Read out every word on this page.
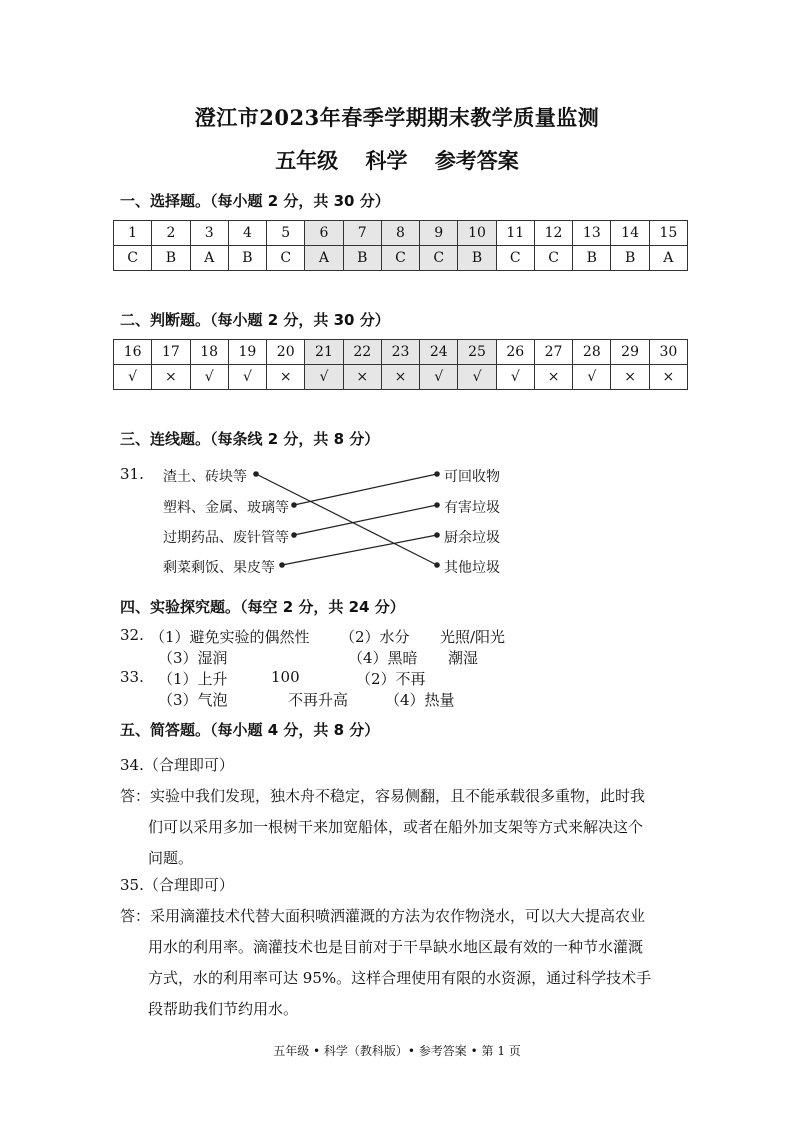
澄江市2023年春季学期期末教学质量监测
五年级 科学 参考答案
一、选择题。（每小题 2 分，共 30 分）
1	2	3	4	5	6	7	8	9	10	11	12	13	14	15
C	B	A	B	C	A	B	C	C	B	C	C	B	B	A
二、判断题。（每小题 2 分，共 30 分）
16	17	18	19	20	21	22	23	24	25	26	27	28	29	30
√	×	√	√	×	√	×	×	√	√	√	×	√	×	×
三、连线题。（每条线 2 分，共 8 分）
31. 渣土、砖块等
塑料、金属、玻璃等
过期药品、废针管等
剩菜剩饭、果皮等
可回收物
有害垃圾
厨余垃圾
其他垃圾
四、实验探究题。（每空 2 分，共 24 分）
32. （1）避免实验的偶然性 （2）水分 光照/阳光
（3）湿润	（4）黑暗 潮湿
33. （1）上升	100	（2）不再
（3）气泡	不再升高 （4）热量
五、简答题。（每小题 4 分，共 8 分）
34.（合理即可）
答：实验中我们发现，独木舟不稳定，容易侧翻，且不能承载很多重物，此时我
们可以采用多加一根树干来加宽船体，或者在船外加支架等方式来解决这个
问题。
35.（合理即可）
答：采用滴灌技术代替大面积喷洒灌溉的方法为农作物浇水，可以大大提高农业
用水的利用率。滴灌技术也是目前对于干旱缺水地区最有效的一种节水灌溉
方式，水的利用率可达 95%。这样合理使用有限的水资源，通过科学技术手
段帮助我们节约用水。
五年级 • 科学（教科版）• 参考答案 • 第 1 页
